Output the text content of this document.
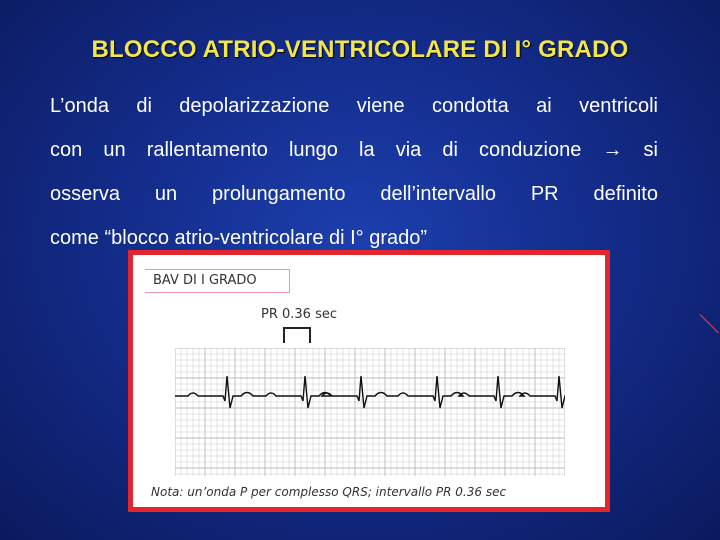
BLOCCO ATRIO-VENTRICOLARE DI I° GRADO
L’onda di depolarizzazione viene condotta ai ventricoli
con un rallentamento lungo la via di conduzione → si
osserva un prolungamento dell’intervallo PR definito
come “blocco atrio-ventricolare di I° grado”
BAV DI I GRADO
PR 0.36 sec
Nota: un’onda P per complesso QRS; intervallo PR 0.36 sec
